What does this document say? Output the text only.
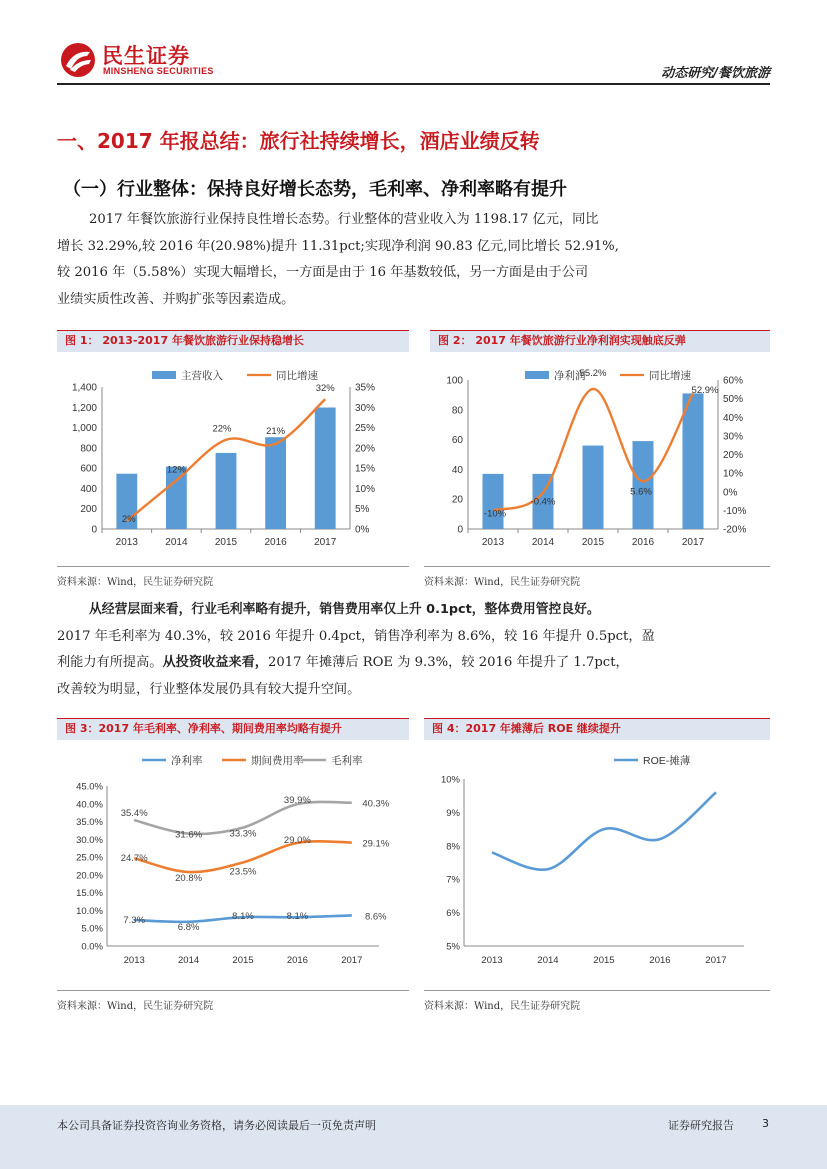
民生证券
MINSHENG SECURITIES	动态研究/餐饮旅游
一、2017 年报总结：旅行社持续增长，酒店业绩反转
（一）行业整体：保持良好增长态势，毛利率、净利率略有提升

2017 年餐饮旅游行业保持良性增长态势。行业整体的营业收入为 1198.17 亿元，同比

增长 32.29%,较 2016 年(20.98%)提升 11.31pct;实现净利润 90.83 亿元,同比增长 52.91%,

较 2016 年（5.58%）实现大幅增长，一方面是由于 16 年基数较低，另一方面是由于公司

业绩实质性改善、并购扩张等因素造成。

图 1： 2013-2017 年餐饮旅游行业保持稳增长
主营收入	同比增速
0
200
400
600
800
1,000
1,200
1,400
0%
5%
10%
15%
20%
25%
30%
35%
2013	2014	2015	2016	2017
2%
12%
22%	21%
32%
资料来源：Wind，民生证券研究院
图 2： 2017 年餐饮旅游行业净利润实现触底反弹
净利润	同比增速
0
20
40
60
80
100
-20%
-10%
0%
10%
20%
30%
40%
50%
60%
2013	2014	2015	2016	2017
-10%
-0.4%
55.2%
5.6%
52.9%
资料来源：Wind，民生证券研究院

从经营层面来看，行业毛利率略有提升，销售费用率仅上升 0.1pct，整体费用管控良好。

2017 年毛利率为 40.3%，较 2016 年提升 0.4pct，销售净利率为 8.6%，较 16 年提升 0.5pct，盈

利能力有所提高。从投资收益来看，2017 年摊薄后 ROE 为 9.3%，较 2016 年提升了 1.7pct，

改善较为明显，行业整体发展仍具有较大提升空间。

图 3：2017 年毛利率、净利率、期间费用率均略有提升
净利率	期间费用率	毛利率
0.0%
5.0%
10.0%
15.0%
20.0%
25.0%
30.0%
35.0%
40.0%
45.0%
2013	2014	2015	2016	2017
7.3%
6.8%
8.1%	8.1%	8.6%
24.7%
20.8%
23.5%
29.0%	29.1%
35.4%
31.6%	33.3%
39.9%	40.3%
资料来源：Wind，民生证券研究院
图 4：2017 年摊薄后 ROE 继续提升
ROE-摊薄
5%
6%
7%
8%
9%
10%
2013	2014	2015	2016	2017
资料来源：Wind，民生证券研究院
本公司具备证券投资咨询业务资格，请务必阅读最后一页免责声明	证券研究报告	3
